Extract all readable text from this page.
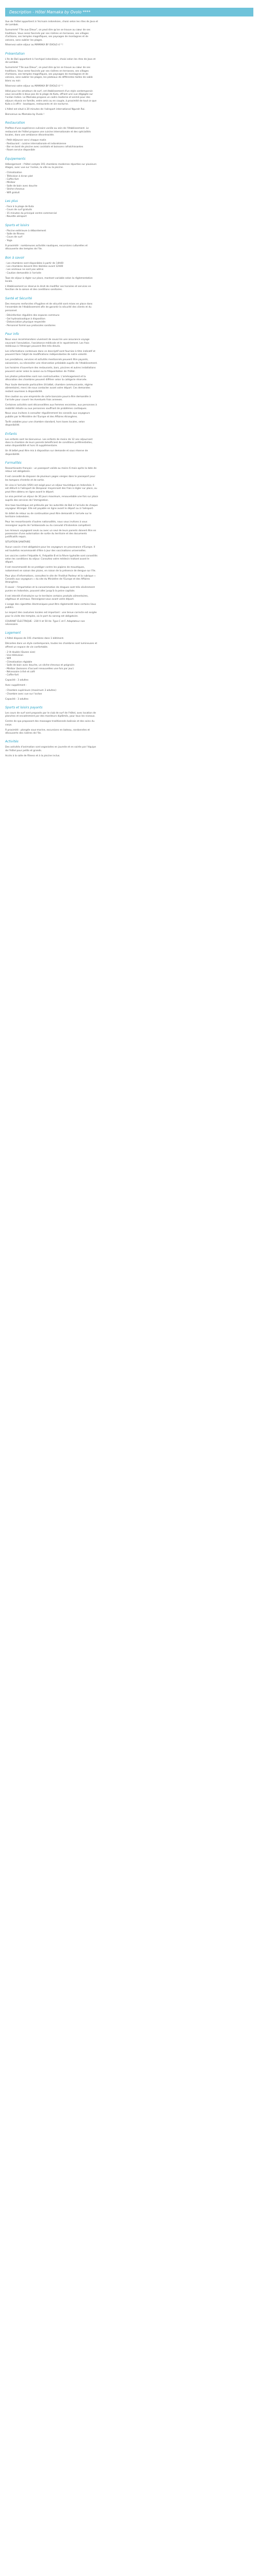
Description - Hôtel Mamaka by Ovolo ****

Vue de l'hôtel appartient à l'écrivain indonésien, choisi selon les rites de Java et de Lombok.

Surnommé "l'île aux Dieux", on peut dire qu'on se trouve au cœur de ses traditions. Vous serez fascinés par ses rizières en terrasses, ses villages d'artisans, ses temples magnifiques, ses paysages de montagnes et de volcans, sans oublier les plages.

Réservez votre séjour au MAMAKA BY OVOLO 4 * !

Présentation

L'île de Bali appartient à l'archipel indonésien, choisi selon les rites de Java et de Lombok.

Surnommé "l'île aux Dieux", on peut dire qu'on se trouve au cœur de ses traditions. Vous serez fascinés par ses rizières en terrasses, ses villages d'artisans, ses temples magnifiques, ses paysages de montagnes et de volcans, sans oublier les plages, les plateaux de différentes tailles de sable blanc ou noir.

Réservez votre séjour au MAMAKA BY OVOLO 4 * !

Idéal pour les amateurs de surf, cet établissement d'un style contemporain vous accueille à deux pas de la plage de Kuta, offrant une vue dégagée sur l'océan Indien. Le Mamaka propose un cadre moderne et animé pour des séjours réussis en famille, entre amis ou en couple, à proximité de tout ce que Kuta a à offrir : boutiques, restaurants et vie nocturne.

L'hôtel est situé à 20 minutes de l'aéroport international Ngurah Rai.

Bienvenue au Mamaka by Ovolo !

Restauration

Profitez d'une expérience culinaire variée au sein de l'établissement. Le restaurant de l'hôtel propose une cuisine internationale et des spécialités locales, dans une ambiance décontractée.

- Petit-déjeuner servi chaque matin
- Restaurant : cuisine internationale et indonésienne
- Bar en bord de piscine avec cocktails et boissons rafraîchissantes
- Room service disponible
Équipements

Hébergement : l'hôtel compte 191 chambres modernes réparties sur plusieurs étages, avec vue sur l'océan, la ville ou la piscine.

- Climatisation
- Télévision à écran plat
- Coffre-fort
- Minibar
- Salle de bain avec douche
- Sèche-cheveux
- Wifi gratuit
Les plus
- Face à la plage de Kuta
- Cours de surf gratuits
- 15 minutes du principal centre commercial
- Navette aéroport
Sports et loisirs
- Piscine extérieure à débordement
- Salle de fitness
- Cours de surf
- Yoga

À proximité : nombreuses activités nautiques, excursions culturelles et découverte des temples de l'île.

Bon à savoir
- Les chambres sont disponibles à partir de 14h00
- Les chambres doivent être libérées avant 12h00
- Les animaux ne sont pas admis
- Caution demandée à l'arrivée

Taxe de séjour à régler sur place, montant variable selon la réglementation locale.

L'établissement se réserve le droit de modifier ses horaires et services en fonction de la saison et des conditions sanitaires.

Santé et Sécurité

Des mesures renforcées d'hygiène et de sécurité sont mises en place dans l'ensemble de l'établissement afin de garantir la sécurité des clients et du personnel.

- Désinfection régulière des espaces communs
- Gel hydroalcoolique à disposition
- Distanciation physique respectée
- Personnel formé aux protocoles sanitaires
Pour info

Nous vous recommandons vivement de souscrire une assurance voyage couvrant l'annulation, l'assistance médicale et le rapatriement. Les frais médicaux à l'étranger peuvent être très élevés.

Les informations contenues dans ce descriptif sont fournies à titre indicatif et peuvent faire l'objet de modifications indépendantes de notre volonté.

Les prestations, services et activités mentionnés peuvent être payants, saisonniers, ou nécessiter une réservation préalable auprès de l'établissement.

Les horaires d'ouverture des restaurants, bars, piscines et autres installations peuvent varier selon la saison ou la fréquentation de l'hôtel.

Les photos présentées sont non contractuelles. L'aménagement et la décoration des chambres peuvent différer selon la catégorie réservée.

Pour toute demande particulière (lit bébé, chambre communicante, régime alimentaire), merci de nous contacter avant votre départ. Ces demandes restent soumises à disponibilité.

Une caution ou une empreinte de carte bancaire pourra être demandée à l'arrivée pour couvrir les éventuels frais annexes.

Certaines activités sont déconseillées aux femmes enceintes, aux personnes à mobilité réduite ou aux personnes souffrant de problèmes cardiaques.

Nous vous invitons à consulter régulièrement les conseils aux voyageurs publiés par le Ministère de l'Europe et des Affaires étrangères.

Tarifs valables pour une chambre standard, hors taxes locales, selon disponibilité.

Enfants

Les enfants sont les bienvenus. Les enfants de moins de 12 ans séjournant dans la chambre de leurs parents bénéficient de conditions préférentielles, selon disponibilité et hors lit supplémentaire.

Un lit bébé peut être mis à disposition sur demande et sous réserve de disponibilité.

Formalités

Ressortissants français : un passeport valide au moins 6 mois après la date de retour est obligatoire.

Il est conseillé de disposer de plusieurs pages vierges dans le passeport pour les tampons d'entrée et de sortie.

Un visa à l'arrivée (VOA) est exigé pour un séjour touristique en Indonésie. Il est délivré à l'aéroport de Denpasar moyennant des frais à régler sur place, ou peut être obtenu en ligne avant le départ.

Le visa permet un séjour de 30 jours maximum, renouvelable une fois sur place auprès des services de l'immigration.

Une taxe touristique est prélevée par les autorités de Bali à l'arrivée de chaque voyageur étranger. Elle est payable en ligne avant le départ ou à l'aéroport.

Un billet de retour ou de continuation peut être demandé à l'arrivée sur le territoire indonésien.

Pour les ressortissants d'autres nationalités, nous vous invitons à vous renseigner auprès de l'ambassade ou du consulat d'Indonésie compétent.

Les mineurs voyageant seuls ou avec un seul de leurs parents doivent être en possession d'une autorisation de sortie du territoire et des documents justificatifs requis.

SITUATION SANITAIRE

Aucun vaccin n'est obligatoire pour les voyageurs en provenance d'Europe. Il est toutefois recommandé d'être à jour des vaccinations universelles.

Les vaccins contre l'hépatite A, l'hépatite B et la fièvre typhoïde sont conseillés selon les conditions du séjour. Consultez votre médecin traitant avant le départ.

Il est recommandé de se protéger contre les piqûres de moustiques, notamment en saison des pluies, en raison de la présence de dengue sur l'île.

Pour plus d'informations, consultez le site de l'Institut Pasteur et la rubrique « Conseils aux voyageurs » du site du Ministère de l'Europe et des Affaires étrangères.

À savoir : l'importation et la consommation de drogues sont très sévèrement punies en Indonésie, pouvant aller jusqu'à la peine capitale.

Il est interdit d'introduire sur le territoire certains produits alimentaires, végétaux et animaux. Renseignez-vous avant votre départ.

L'usage des cigarettes électroniques peut être réglementé dans certains lieux publics.

Le respect des coutumes locales est important : une tenue correcte est exigée pour la visite des temples, où le port du sarong est obligatoire.

COURANT ÉLECTRIQUE : 230 V et 50 Hz. Type C et F. Adaptateur non nécessaire.

Logement

L'hôtel dispose de 191 chambres dans 1 bâtiment.

Décorées dans un style contemporain, toutes les chambres sont lumineuses et offrent un espace de vie confortable.

- 2 lit double (Queen size)
- Une télévision
- Wifi
- Climatisation réglable
- Salle de bain avec douche, un sèche-cheveux et peignoirs
- Minibar (boissons d'accueil renouvelées une fois par jour)
- Nécessaire à thé et café
- Coffre-fort

Capacité : 3 adultes

Avec supplément :

- Chambre supérieure (maximum 3 adultes)
- Chambre avec vue sur l'océan

Capacité : 3 adultes

Sports et loisirs payants

Les cours de surf sont proposés par le club de surf de l'hôtel, avec location de planches et encadrement par des moniteurs diplômés, pour tous les niveaux.

Centre de spa proposant des massages traditionnels balinais et des soins du corps.

À proximité : plongée sous-marine, excursions en bateau, randonnées et découverte des rizières de l'île.

Activités

Des activités d'animation sont organisées en journée et en soirée par l'équipe de l'hôtel pour petits et grands.

Accès à la salle de fitness et à la piscine inclus.
